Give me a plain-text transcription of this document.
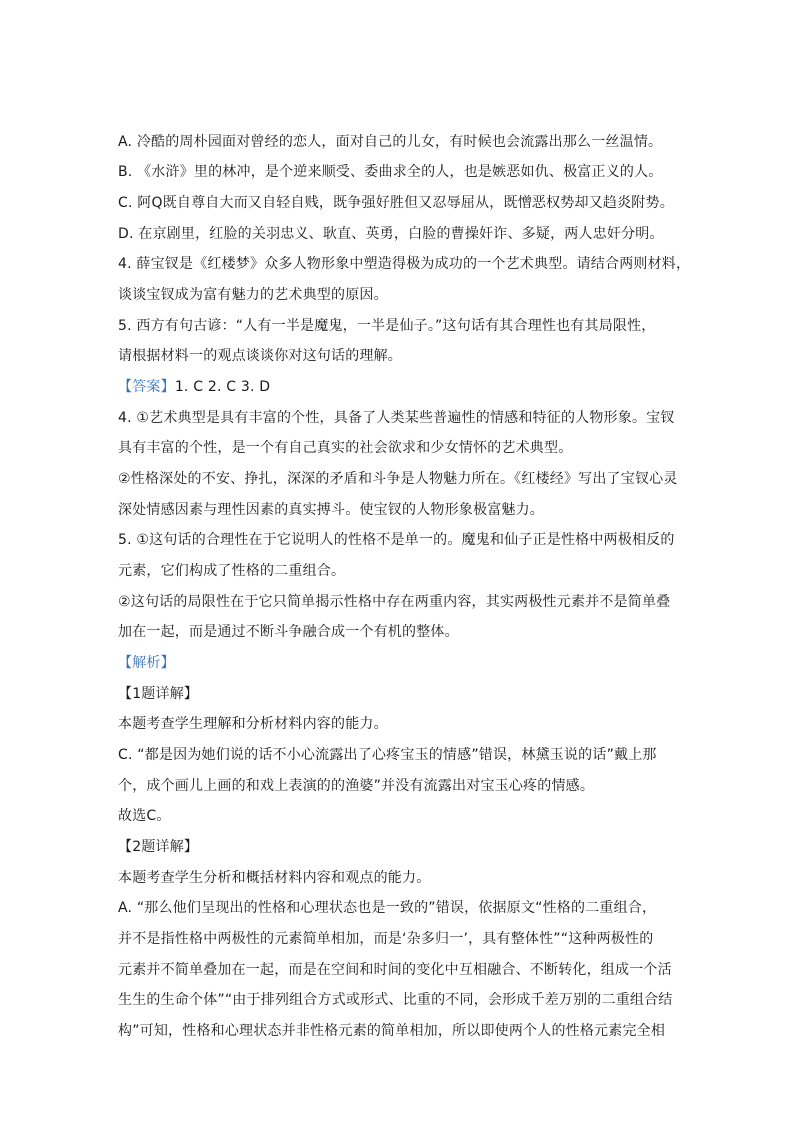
A. 冷酷的周朴园面对曾经的恋人，面对自己的儿女，有时候也会流露出那么一丝温情。
B. 《水浒》里的林冲，是个逆来顺受、委曲求全的人，也是嫉恶如仇、极富正义的人。
C. 阿Q既自尊自大而又自轻自贱，既争强好胜但又忍辱屈从，既憎恶权势却又趋炎附势。
D. 在京剧里，红脸的关羽忠义、耿直、英勇，白脸的曹操奸诈、多疑，两人忠奸分明。
4. 薛宝钗是《红楼梦》众多人物形象中塑造得极为成功的一个艺术典型。请结合两则材料，
谈谈宝钗成为富有魅力的艺术典型的原因。
5. 西方有句古谚：“人有一半是魔鬼，一半是仙子。”这句话有其合理性也有其局限性，
请根据材料一的观点谈谈你对这句话的理解。
【答案】1. C 2. C 3. D
4. ①艺术典型是具有丰富的个性，具备了人类某些普遍性的情感和特征的人物形象。宝钗
具有丰富的个性，是一个有自己真实的社会欲求和少女情怀的艺术典型。
②性格深处的不安、挣扎，深深的矛盾和斗争是人物魅力所在。《红楼经》写出了宝钗心灵
深处情感因素与理性因素的真实搏斗。使宝钗的人物形象极富魅力。
5. ①这句话的合理性在于它说明人的性格不是单一的。魔鬼和仙子正是性格中两极相反的
元素，它们构成了性格的二重组合。
②这句话的局限性在于它只简单揭示性格中存在两重内容，其实两极性元素并不是简单叠
加在一起，而是通过不断斗争融合成一个有机的整体。
【解析】
【1题详解】
本题考查学生理解和分析材料内容的能力。
C. “都是因为她们说的话不小心流露出了心疼宝玉的情感”错误，林黛玉说的话”戴上那
个，成个画儿上画的和戏上表演的的渔婆”并没有流露出对宝玉心疼的情感。
故选C。
【2题详解】
本题考查学生分析和概括材料内容和观点的能力。
A. “那么他们呈现出的性格和心理状态也是一致的”错误，依据原文“性格的二重组合，
并不是指性格中两极性的元素简单相加，而是‘杂多归一’，具有整体性”“这种两极性的
元素并不简单叠加在一起，而是在空间和时间的变化中互相融合、不断转化，组成一个活
生生的生命个体”“由于排列组合方式或形式、比重的不同，会形成千差万别的二重组合结
构”可知，性格和心理状态并非性格元素的简单相加，所以即使两个人的性格元素完全相
